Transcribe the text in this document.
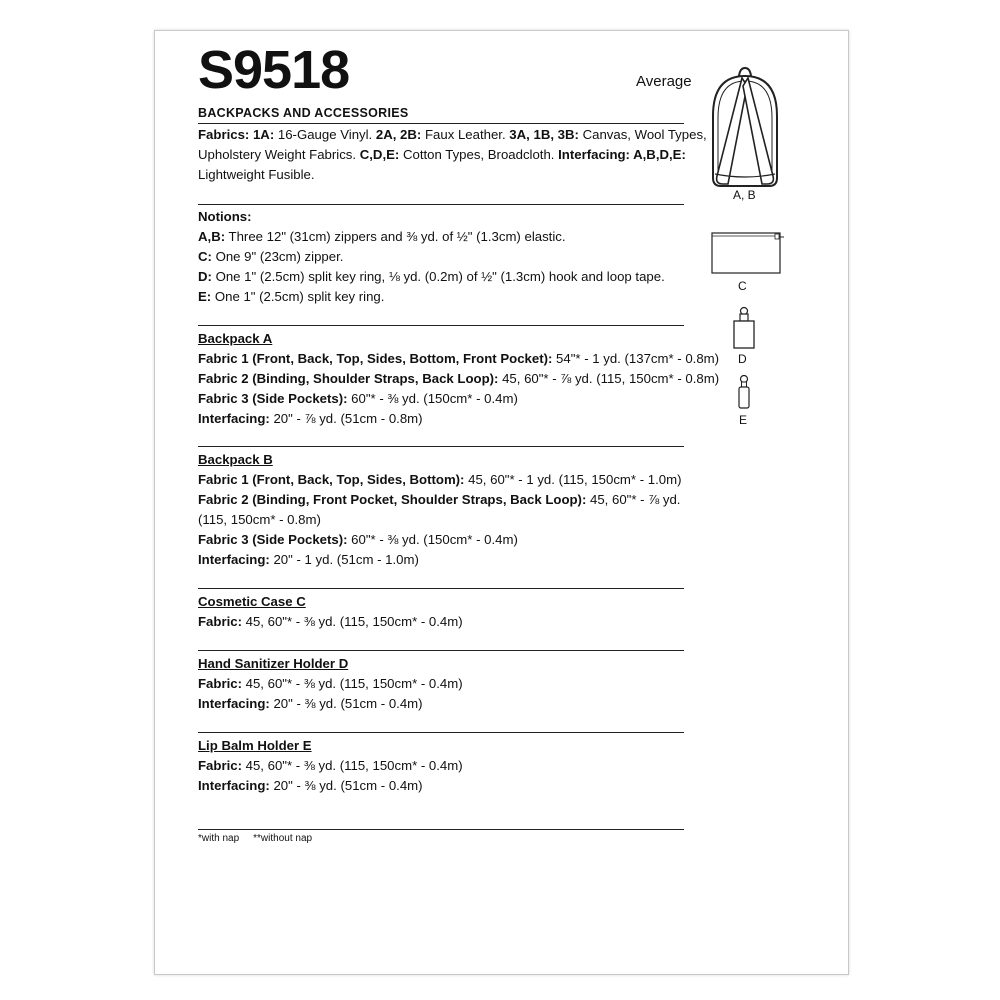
S9518	Average
BACKPACKS AND ACCESSORIES

Fabrics: 1A: 16-Gauge Vinyl. 2A, 2B: Faux Leather. 3A, 1B, 3B: Canvas, Wool Types,

Upholstery Weight Fabrics. C,D,E: Cotton Types, Broadcloth. Interfacing: A,B,D,E:

Lightweight Fusible.

Notions:

A,B: Three 12" (31cm) zippers and ⅜ yd. of ½" (1.3cm) elastic.

C: One 9" (23cm) zipper.

D: One 1" (2.5cm) split key ring, ⅛ yd. (0.2m) of ½" (1.3cm) hook and loop tape.

E: One 1" (2.5cm) split key ring.

Backpack A

Fabric 1 (Front, Back, Top, Sides, Bottom, Front Pocket): 54"* - 1 yd. (137cm* - 0.8m)

Fabric 2 (Binding, Shoulder Straps, Back Loop): 45, 60"* - ⅞ yd. (115, 150cm* - 0.8m)

Fabric 3 (Side Pockets): 60"* - ⅜ yd. (150cm* - 0.4m)

Interfacing: 20" - ⅞ yd. (51cm - 0.8m)

Backpack B

Fabric 1 (Front, Back, Top, Sides, Bottom): 45, 60"* - 1 yd. (115, 150cm* - 1.0m)

Fabric 2 (Binding, Front Pocket, Shoulder Straps, Back Loop): 45, 60"* - ⅞ yd.

(115, 150cm* - 0.8m)

Fabric 3 (Side Pockets): 60"* - ⅜ yd. (150cm* - 0.4m)

Interfacing: 20" - 1 yd. (51cm - 1.0m)

Cosmetic Case C

Fabric: 45, 60"* - ⅜ yd. (115, 150cm* - 0.4m)

Hand Sanitizer Holder D

Fabric: 45, 60"* - ⅜ yd. (115, 150cm* - 0.4m)

Interfacing: 20" - ⅜ yd. (51cm - 0.4m)

Lip Balm Holder E

Fabric: 45, 60"* - ⅜ yd. (115, 150cm* - 0.4m)

Interfacing: 20" - ⅜ yd. (51cm - 0.4m)

*with nap **without nap
A, B
C
D
E
